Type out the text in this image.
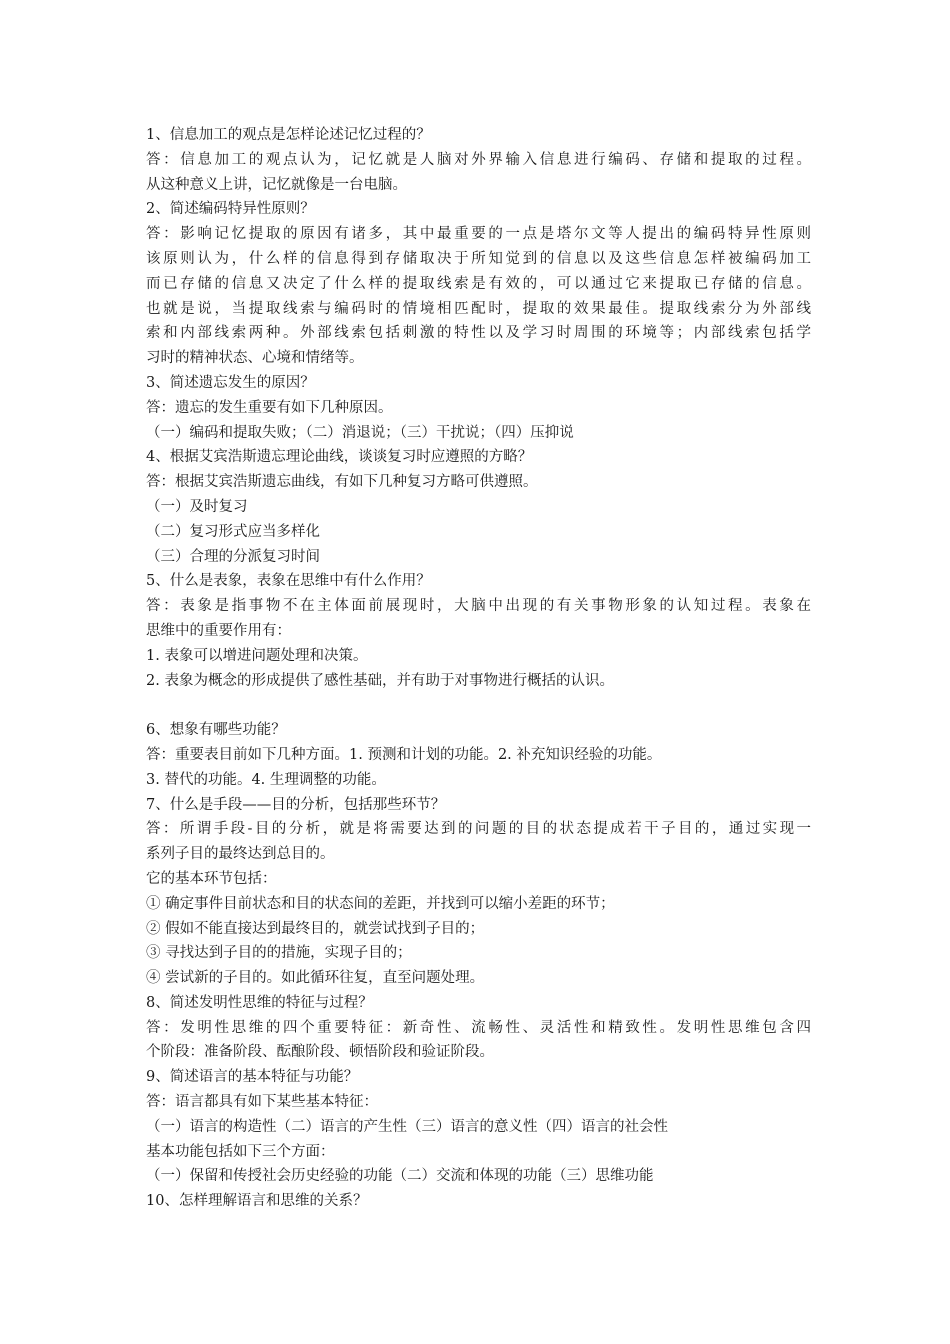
1、信息加工的观点是怎样论述记忆过程的？
答：信息加工的观点认为，记忆就是人脑对外界输入信息进行编码、存储和提取的过程。
从这种意义上讲，记忆就像是一台电脑。
2、简述编码特异性原则？
答：影响记忆提取的原因有诸多，其中最重要的一点是塔尔文等人提出的编码特异性原则
该原则认为，什么样的信息得到存储取决于所知觉到的信息以及这些信息怎样被编码加工
而已存储的信息又决定了什么样的提取线索是有效的，可以通过它来提取已存储的信息。
也就是说，当提取线索与编码时的情境相匹配时，提取的效果最佳。提取线索分为外部线
索和内部线索两种。外部线索包括刺激的特性以及学习时周围的环境等；内部线索包括学
习时的精神状态、心境和情绪等。
3、简述遗忘发生的原因？
答：遗忘的发生重要有如下几种原因。
（一）编码和提取失败；（二）消退说；（三）干扰说；（四）压抑说
4、根据艾宾浩斯遗忘理论曲线，谈谈复习时应遵照的方略？
答：根据艾宾浩斯遗忘曲线，有如下几种复习方略可供遵照。
（一）及时复习
（二）复习形式应当多样化
（三）合理的分派复习时间
5、什么是表象，表象在思维中有什么作用？
答：表象是指事物不在主体面前展现时，大脑中出现的有关事物形象的认知过程。表象在
思维中的重要作用有：
1. 表象可以增进问题处理和决策。
2. 表象为概念的形成提供了感性基础，并有助于对事物进行概括的认识。
6、想象有哪些功能？
答：重要表目前如下几种方面。1. 预测和计划的功能。2. 补充知识经验的功能。
3. 替代的功能。4. 生理调整的功能。
7、什么是手段——目的分析，包括那些环节？
答：所谓手段-目的分析，就是将需要达到的问题的目的状态提成若干子目的，通过实现一
系列子目的最终达到总目的。
它的基本环节包括：
① 确定事件目前状态和目的状态间的差距，并找到可以缩小差距的环节；
② 假如不能直接达到最终目的，就尝试找到子目的；
③ 寻找达到子目的的措施，实现子目的；
④ 尝试新的子目的。如此循环往复，直至问题处理。
8、简述发明性思维的特征与过程？
答：发明性思维的四个重要特征：新奇性、流畅性、灵活性和精致性。发明性思维包含四
个阶段：准备阶段、酝酿阶段、顿悟阶段和验证阶段。
9、简述语言的基本特征与功能？
答：语言都具有如下某些基本特征：
（一）语言的构造性（二）语言的产生性（三）语言的意义性（四）语言的社会性
基本功能包括如下三个方面：
（一）保留和传授社会历史经验的功能（二）交流和体现的功能（三）思维功能
10、怎样理解语言和思维的关系？
